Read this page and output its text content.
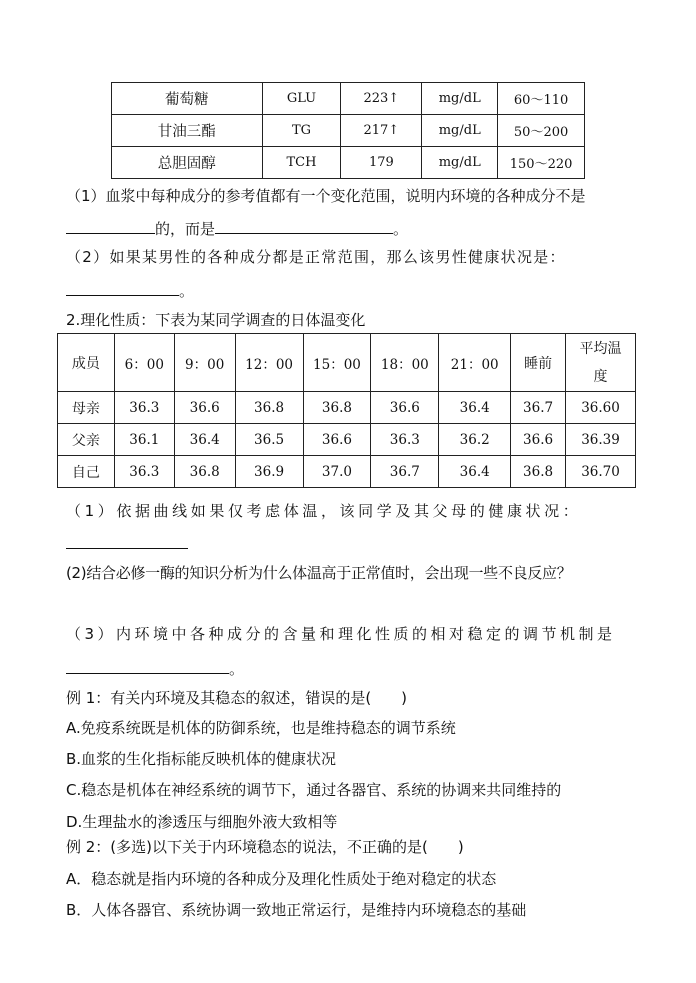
葡萄糖	GLU	223↑	mg/dL	60～110
甘油三酯	TG	217↑	mg/dL	50～200
总胆固醇	TCH	179	mg/dL	150～220
（1）血浆中每种成分的参考值都有一个变化范围，说明内环境的各种成分不是
的，而是	。
（2）如果某男性的各种成分都是正常范围，那么该男性健康状况是：
。
2.理化性质：下表为某同学调查的日体温变化
成员	6：00	9：00	12：00	15：00	18：00	21：00	睡前	平均温
度
母亲	36.3	36.6	36.8	36.8	36.6	36.4	36.7	36.60
父亲	36.1	36.4	36.5	36.6	36.3	36.2	36.6	36.39
自己	36.3	36.8	36.9	37.0	36.7	36.4	36.8	36.70
（1）依据曲线如果仅考虑体温，该同学及其父母的健康状况：
(2)结合必修一酶的知识分析为什么体温高于正常值时，会出现一些不良反应？
（3）内环境中各种成分的含量和理化性质的相对稳定的调节机制是
。
例 1：有关内环境及其稳态的叙述，错误的是(　　)
A.免疫系统既是机体的防御系统，也是维持稳态的调节系统
B.血浆的生化指标能反映机体的健康状况
C.稳态是机体在神经系统的调节下，通过各器官、系统的协调来共同维持的
D.生理盐水的渗透压与细胞外液大致相等
例 2：(多选)以下关于内环境稳态的说法，不正确的是(　　)
A．稳态就是指内环境的各种成分及理化性质处于绝对稳定的状态
B．人体各器官、系统协调一致地正常运行，是维持内环境稳态的基础
